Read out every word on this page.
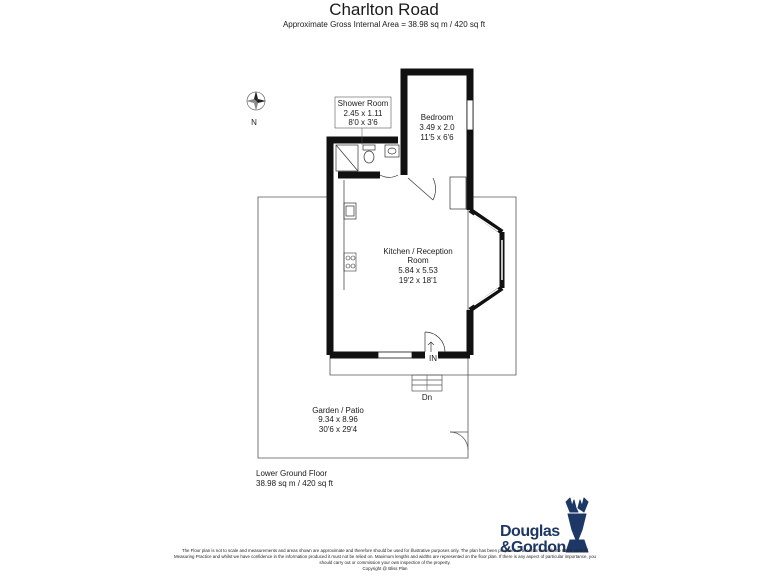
Charlton Road
Approximate Gross Internal Area = 38.98 sq m / 420 sq ft
N
Shower Room
2.45 x 1.11
8'0 x 3'6
Bedroom
3.49 x 2.0
11'5 x 6'6
Kitchen / Reception
Room
5.84 x 5.53
19'2 x 18'1
Garden / Patio
9.34 x 8.96
30'6 x 29'4
IN
Dn
Lower Ground Floor
38.98 sq m / 420 sq ft
Douglas
&Gordon
The Floor plan is not to scale and measurements and areas shown are approximate and therefore should be used for illustrative purposes only. The plan has been prepared in accordance with the RICS code of Measuring Practice and whilst we have confidence in the information produced it must not be relied on. Maximum lengths and widths are represented on the floor plan. If there is any aspect of particular importance, you should carry out or commission your own inspection of the property.
Copyright @ Bliss Plan
